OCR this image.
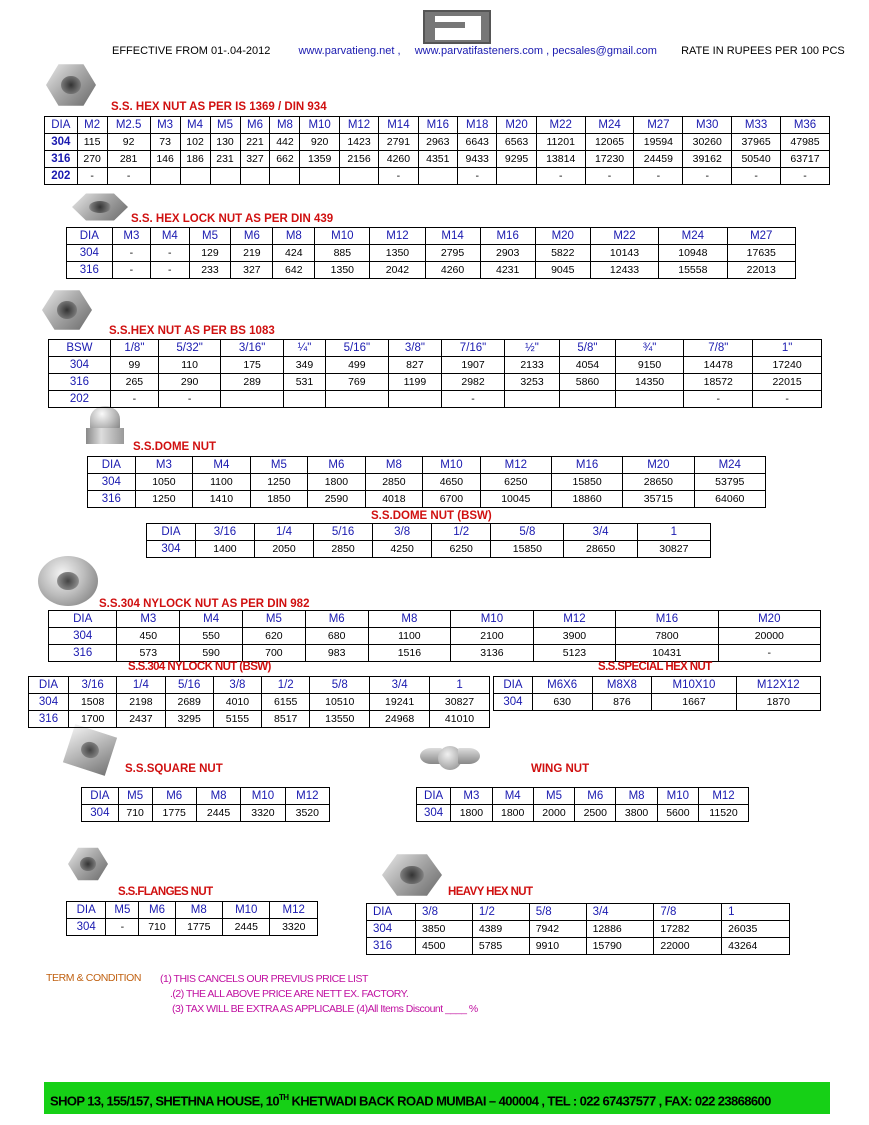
EFFECTIVE FROM 01-.04-2012	www.parvatieng.net , www.parvatifasteners.com , pecsales@gmail.com RATE IN RUPEES PER 100 PCS
S.S. HEX NUT AS PER IS 1369 / DIN 934
DIA	M2	M2.5	M3	M4	M5	M6	M8	M10	M12	M14	M16	M18	M20	M22	M24	M27	M30	M33	M36
304	115	92	73	102	130	221	442	920	1423	2791	2963	6643	6563	11201	12065	19594	30260	37965	47985
316	270	281	146	186	231	327	662	1359	2156	4260	4351	9433	9295	13814	17230	24459	39162	50540	63717
202	-	-								-		-		-	-	-	-	-	-
S.S. HEX LOCK NUT AS PER DIN 439
DIA	M3	M4	M5	M6	M8	M10	M12	M14	M16	M20	M22	M24	M27
304	-	-	129	219	424	885	1350	2795	2903	5822	10143	10948	17635
316	-	-	233	327	642	1350	2042	4260	4231	9045	12433	15558	22013
S.S.HEX NUT AS PER BS 1083
BSW	1/8"	5/32"	3/16"	¼"	5/16"	3/8"	7/16"	½"	5/8"	¾"	7/8"	1"
304	99	110	175	349	499	827	1907	2133	4054	9150	14478	17240
316	265	290	289	531	769	1199	2982	3253	5860	14350	18572	22015
202	-	-					-				-	-
S.S.DOME NUT
DIA	M3	M4	M5	M6	M8	M10	M12	M16	M20	M24
304	1050	1100	1250	1800	2850	4650	6250	15850	28650	53795
316	1250	1410	1850	2590	4018	6700	10045	18860	35715	64060
S.S.DOME NUT (BSW)
DIA	3/16	1/4	5/16	3/8	1/2	5/8	3/4	1
304	1400	2050	2850	4250	6250	15850	28650	30827
S.S.304 NYLOCK NUT AS PER DIN 982
DIA	M3	M4	M5	M6	M8	M10	M12	M16	M20
304	450	550	620	680	1100	2100	3900	7800	20000
316	573	590	700	983	1516	3136	5123	10431	-
S.S.304 NYLOCK NUT (BSW)
DIA	3/16	1/4	5/16	3/8	1/2	5/8	3/4	1
304	1508	2198	2689	4010	6155	10510	19241	30827
316	1700	2437	3295	5155	8517	13550	24968	41010
S.S.SPECIAL HEX NUT
DIA	M6X6	M8X8	M10X10	M12X12
304	630	876	1667	1870
S.S.SQUARE NUT
DIA	M5	M6	M8	M10	M12
304	710	1775	2445	3320	3520
WING NUT
DIA	M3	M4	M5	M6	M8	M10	M12
304	1800	1800	2000	2500	3800	5600	11520
S.S.FLANGES NUT
DIA	M5	M6	M8	M10	M12
304	-	710	1775	2445	3320
HEAVY HEX NUT
DIA	3/8	1/2	5/8	3/4	7/8	1
304	3850	4389	7942	12886	17282	26035
316	4500	5785	9910	15790	22000	43264
TERM & CONDITION (1) THIS CANCELS OUR PREVIUS PRICE LIST
.(2) THE ALL ABOVE PRICE ARE NETT EX. FACTORY.
(3) TAX WILL BE EXTRA AS APPLICABLE (4)All Items Discount ____ %
SHOP 13, 155/157, SHETHNA HOUSE, 10TH KHETWADI BACK ROAD MUMBAI – 400004 , TEL : 022 67437577 , FAX: 022 23868600
